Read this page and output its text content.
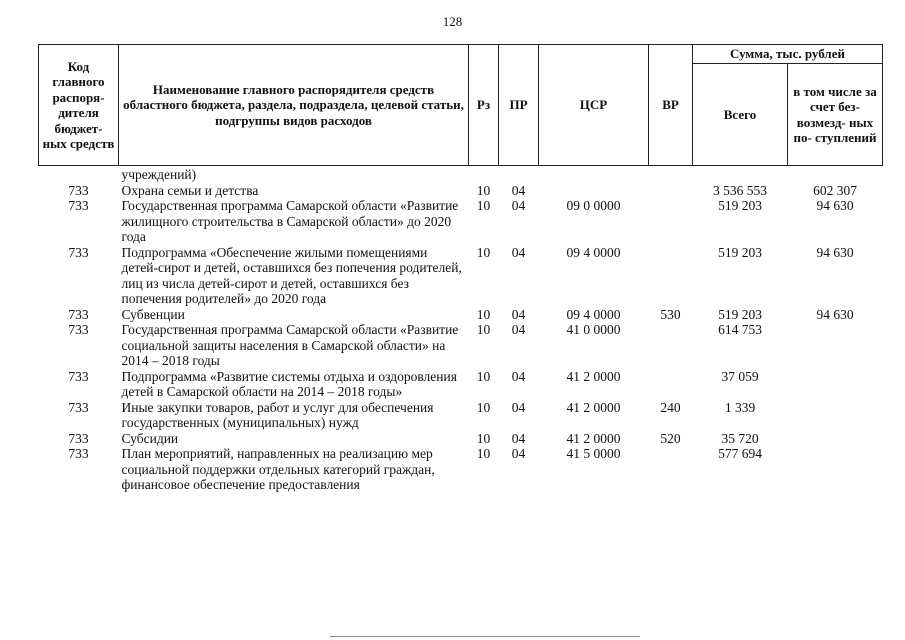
128
Код главного распоря- дителя бюджет- ных средств	Наименование главного распорядителя средств областного бюджета, раздела, подраздела, целевой статьи, подгруппы видов расходов	Рз	ПР	ЦСР	ВР	Сумма, тыс. рублей	
						Всего	в том числе за счет без- возмезд- ных по- ступлений
	учреждений)						
733	Охрана семьи и детства	10	04			3 536 553	602 307
733	Государственная программа Самарской области «Развитие жилищного строительства в Самарской области» до 2020 года	10	04	09 0 0000		519 203	94 630
733	Подпрограмма «Обеспечение жилыми помещениями детей-сирот и детей, оставшихся без попечения родителей, лиц из числа детей-сирот и детей, оставшихся без попечения родителей» до 2020 года	10	04	09 4 0000		519 203	94 630
733	Субвенции	10	04	09 4 0000	530	519 203	94 630
733	Государственная программа Самарской области «Развитие социальной защиты населения в Самарской области» на 2014 – 2018 годы	10	04	41 0 0000		614 753	
733	Подпрограмма «Развитие системы отдыха и оздоровления детей в Самарской области на 2014 – 2018 годы»	10	04	41 2 0000		37 059	
733	Иные закупки товаров, работ и услуг для обеспечения государственных (муниципальных) нужд	10	04	41 2 0000	240	1 339	
733	Субсидии	10	04	41 2 0000	520	35 720	
733	План мероприятий, направленных на реализацию мер социальной поддержки отдельных категорий граждан, финансовое обеспечение предоставления	10	04	41 5 0000		577 694	
